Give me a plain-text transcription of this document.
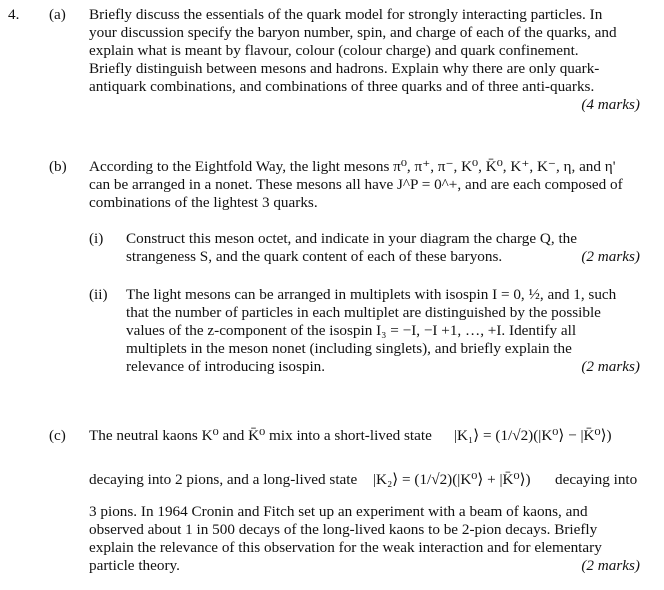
4. (a) Briefly discuss the essentials of the quark model for strongly interacting particles. In
your discussion specify the baryon number, spin, and charge of each of the quarks, and
explain what is meant by flavour, colour (colour charge) and quark confinement.
Briefly distinguish between mesons and hadrons. Explain why there are only quark-
antiquark combinations, and combinations of three quarks and of three anti-quarks.
(4 marks)
(b) According to the Eightfold Way, the light mesons π⁰, π⁺, π⁻, K⁰, K̄⁰, K⁺, K⁻, η, and η'
can be arranged in a nonet. These mesons all have J^P = 0^+, and are each composed of
combinations of the lightest 3 quarks.
(i) Construct this meson octet, and indicate in your diagram the charge Q, the
strangeness S, and the quark content of each of these baryons.	(2 marks)
(ii) The light mesons can be arranged in multiplets with isospin I = 0, ½, and 1, such
that the number of particles in each multiplet are distinguished by the possible
values of the z-component of the isospin I₃ = −I, −I +1, …, +I. Identify all
multiplets in the meson nonet (including singlets), and briefly explain the
relevance of introducing isospin.	(2 marks)
(c) The neutral kaons K⁰ and K̄⁰ mix into a short-lived state |K₁⟩ = (1/√2)(|K⁰⟩ − |K̄⁰⟩)
decaying into 2 pions, and a long-lived state |K₂⟩ = (1/√2)(|K⁰⟩ + |K̄⁰⟩) decaying into
3 pions. In 1964 Cronin and Fitch set up an experiment with a beam of kaons, and
observed about 1 in 500 decays of the long-lived kaons to be 2-pion decays. Briefly
explain the relevance of this observation for the weak interaction and for elementary
particle theory.	(2 marks)
